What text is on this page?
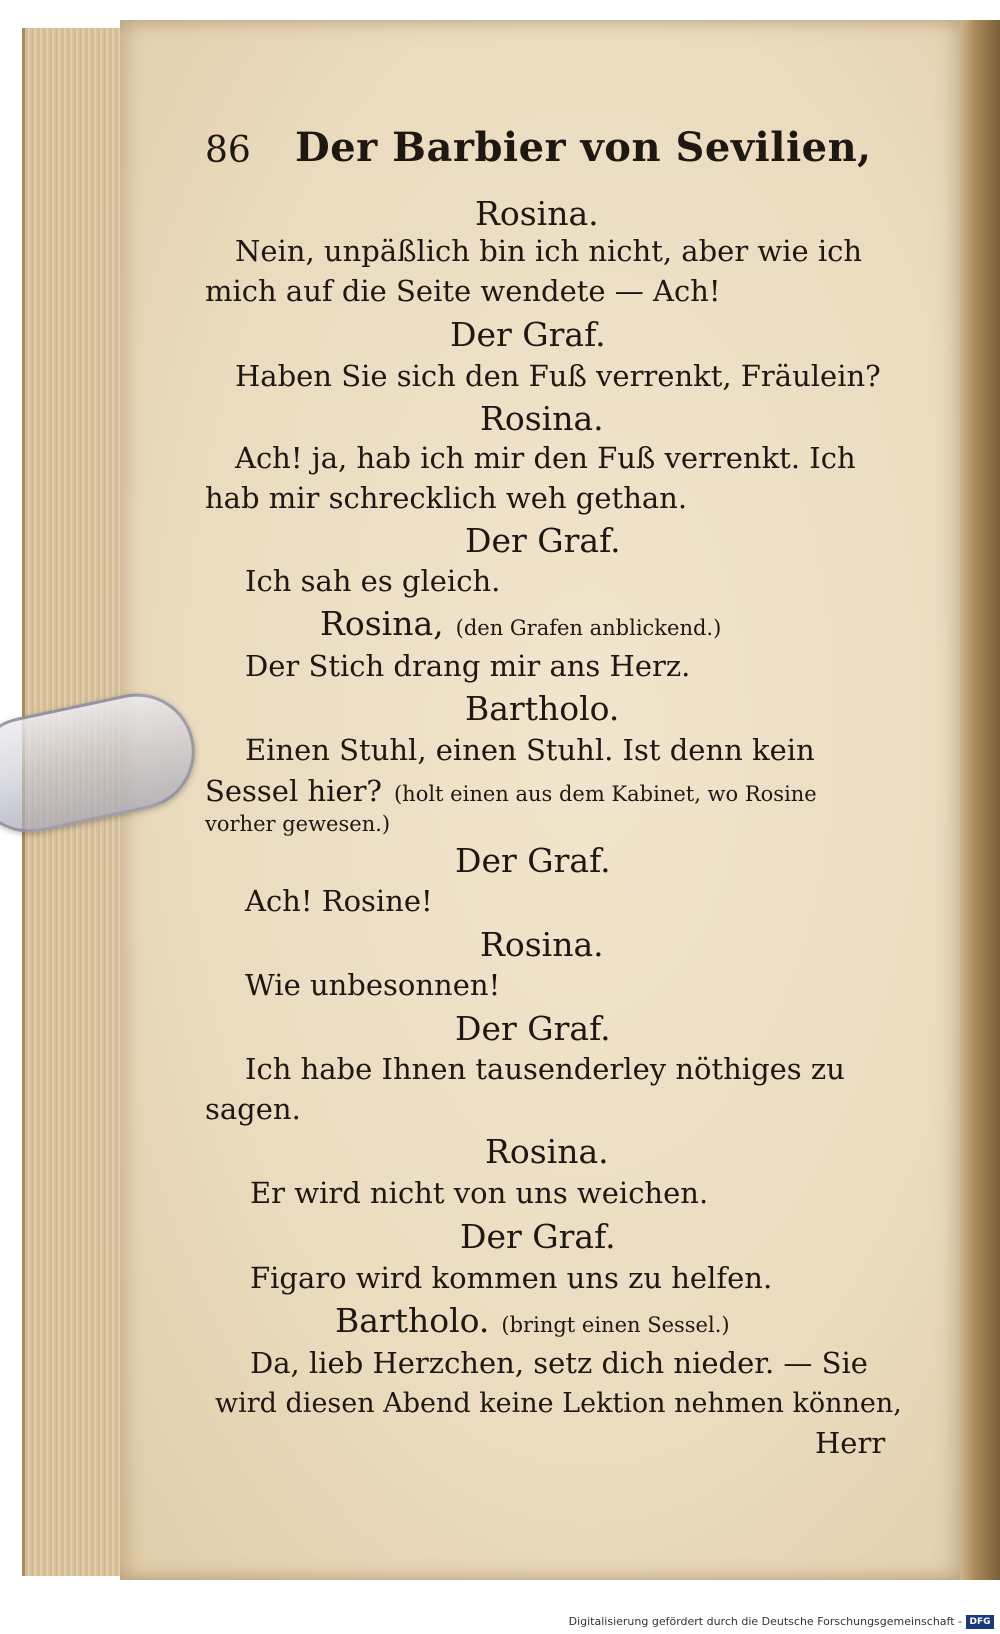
86 Der Barbier von Sevilien,
Rosina.
Nein, unpäßlich bin ich nicht, aber wie ich
mich auf die Seite wendete — Ach!
Der Graf.
Haben Sie sich den Fuß verrenkt, Fräulein?
Rosina.
Ach! ja, hab ich mir den Fuß verrenkt. Ich
hab mir schrecklich weh gethan.
Der Graf.
Ich sah es gleich.
Rosina, (den Grafen anblickend.)
Der Stich drang mir ans Herz.
Bartholo.
Einen Stuhl, einen Stuhl. Ist denn kein
Sessel hier? (holt einen aus dem Kabinet, wo Rosine
vorher gewesen.)
Der Graf.
Ach! Rosine!
Rosina.
Wie unbesonnen!
Der Graf.
Ich habe Ihnen tausenderley nöthiges zu
sagen.
Rosina.
Er wird nicht von uns weichen.
Der Graf.
Figaro wird kommen uns zu helfen.
Bartholo. (bringt einen Sessel.)
Da, lieb Herzchen, setz dich nieder. — Sie
wird diesen Abend keine Lektion nehmen können,
Herr
Digitalisierung gefördert durch die Deutsche Forschungsgemeinschaft - DFG
